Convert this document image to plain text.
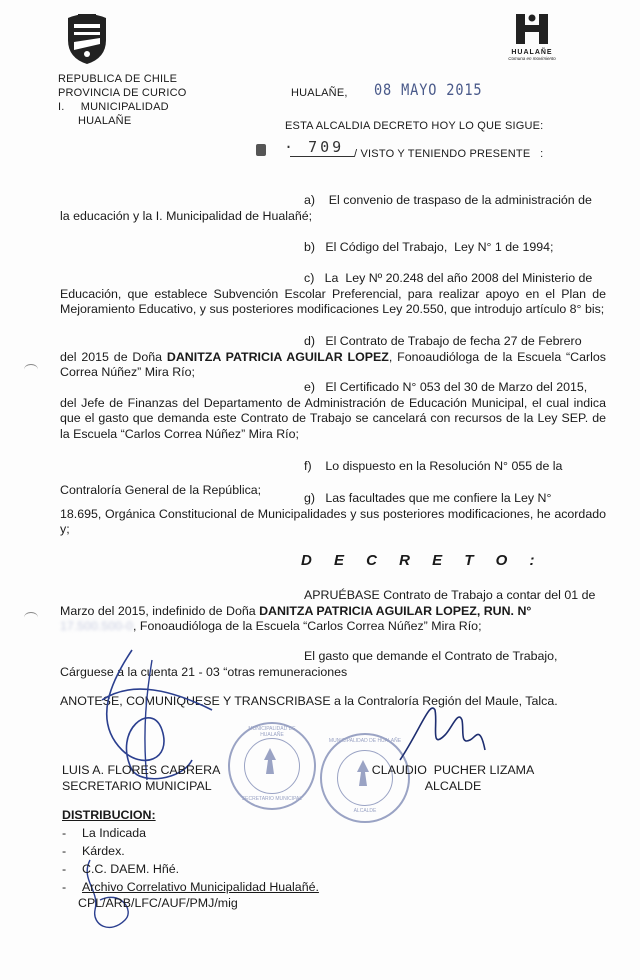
HUALAÑE
Comuna en movimiento
REPUBLICA DE CHILE
PROVINCIA DE CURICO
I.     MUNICIPALIDAD
HUALAÑE
HUALAÑE, 08 MAYO 2015
ESTA ALCALDIA DECRETO HOY LO QUE SIGUE:
· 709 / VISTO Y TENIENDO PRESENTE   :
a)    El convenio de traspaso de la administración de
la educación y la I. Municipalidad de Hualañé;
b)   El Código del Trabajo,  Ley N° 1 de 1994;
c)   La  Ley Nº 20.248 del año 2008 del Ministerio de
Educación, que establece Subvención Escolar Preferencial, para realizar apoyo en el Plan de Mejoramiento Educativo, y sus posteriores modificaciones Ley 20.550, que introdujo artículo 8° bis;
d)   El Contrato de Trabajo de fecha 27 de Febrero
del 2015 de Doña DANITZA PATRICIA AGUILAR LOPEZ, Fonoaudióloga de la Escuela “Carlos Correa Núñez” Mira Río;
e)   El Certificado N° 053 del 30 de Marzo del 2015,
del Jefe de Finanzas del Departamento de Administración de Educación Municipal, el cual indica que el gasto que demanda este Contrato de Trabajo se cancelará con recursos de la Ley SEP. de la Escuela “Carlos Correa Núñez” Mira Río;
f)    Lo dispuesto en la Resolución N° 055 de la
Contraloría General de la República;
g)   Las facultades que me confiere la Ley N°
18.695, Orgánica Constitucional de Municipalidades y sus posteriores modificaciones, he acordado y;
D E C R E T O :
APRUÉBASE Contrato de Trabajo a contar del 01 de
Marzo del 2015, indefinido de Doña DANITZA PATRICIA AGUILAR LOPEZ, RUN. N°
17.500.500-0, Fonoaudióloga de la Escuela “Carlos Correa Núñez” Mira Río;
El gasto que demande el Contrato de Trabajo,
Cárguese a la cuenta 21 - 03 “otras remuneraciones
ANOTESE, COMUNIQUESE Y TRANSCRIBASE a la Contraloría Región del Maule, Talca.
MUNICIPALIDAD DE HUALAÑE
SECRETARIO MUNICIPAL
MUNICIPALIDAD DE HUALAÑE
ALCALDE
LUIS A. FLORES CABRERA
SECRETARIO MUNICIPAL
CLAUDIO  PUCHER LIZAMA
ALCALDE
DISTRIBUCION:
- La Indicada
- Kárdex.
- C.C. DAEM. Hñé.
- Archivo Correlativo Municipalidad Hualañé.
CPL/ARB/LFC/AUF/PMJ/mig
